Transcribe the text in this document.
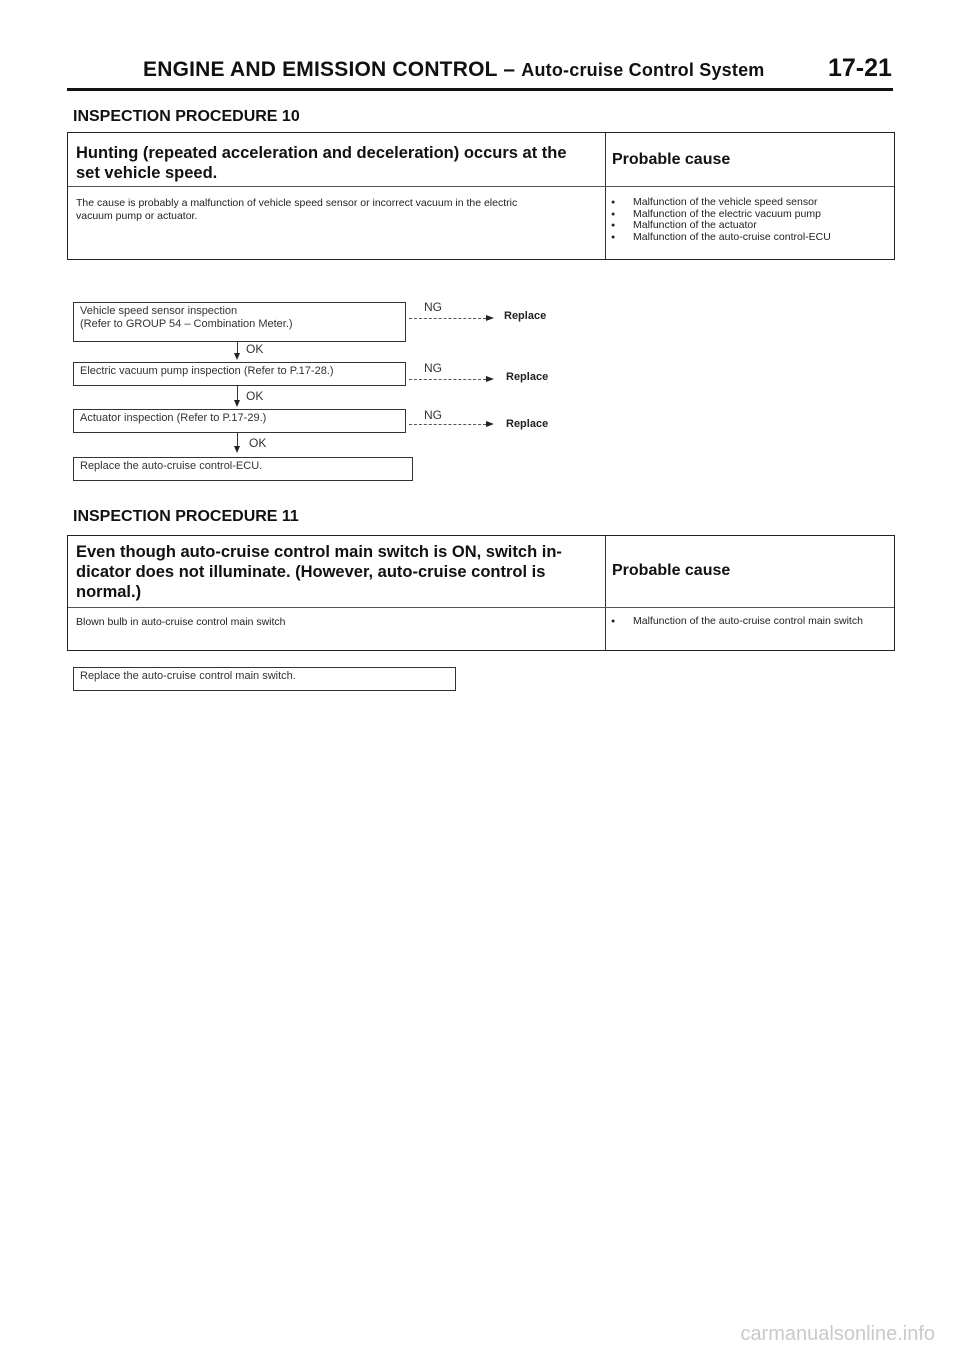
ENGINE AND EMISSION CONTROL – Auto-cruise Control System	17-21
INSPECTION PROCEDURE 10
Hunting (repeated acceleration and deceleration) occurs at the
set vehicle speed.
Probable cause
The cause is probably a malfunction of vehicle speed sensor or incorrect vacuum in the electric
vacuum pump or actuator.
● Malfunction of the vehicle speed sensor
● Malfunction of the electric vacuum pump
● Malfunction of the actuator
● Malfunction of the auto-cruise control-ECU
Vehicle speed sensor inspection
(Refer to GROUP 54 – Combination Meter.)
NG
Replace
OK
Electric vacuum pump inspection (Refer to P.17-28.)	NG
Replace
OK
Actuator inspection (Refer to P.17-29.)	NG
Replace
OK
Replace the auto-cruise control-ECU.
INSPECTION PROCEDURE 11
Even though auto-cruise control main switch is ON, switch in-
dicator does not illuminate. (However, auto-cruise control is
normal.)
Probable cause
Blown bulb in auto-cruise control main switch
●	Malfunction of the auto-cruise control main switch
Replace the auto-cruise control main switch.
carmanualsonline.info
